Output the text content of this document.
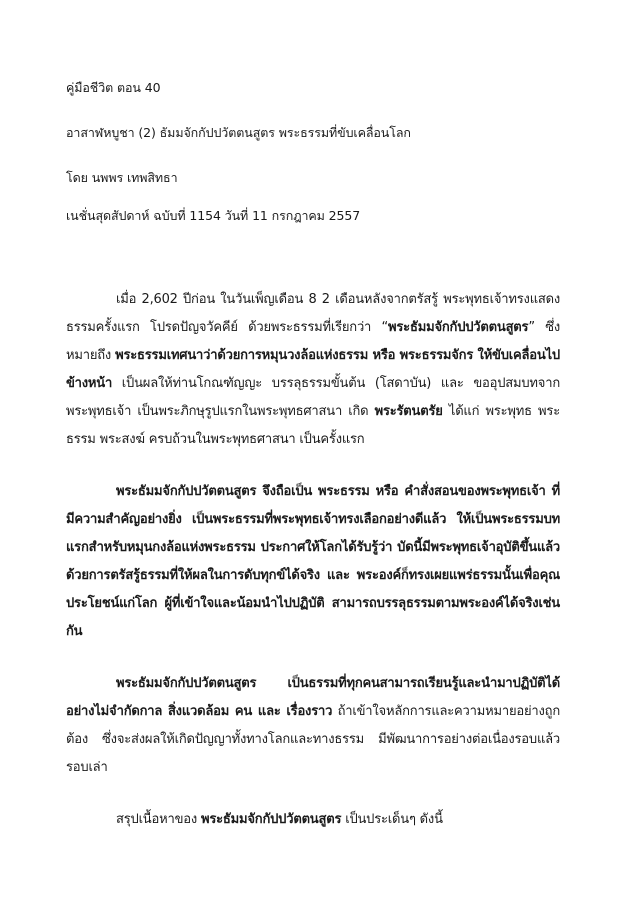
คู่มือชีวิต ตอน 40
อาสาฬหบูชา (2) ธัมมจักกัปปวัตตนสูตร พระธรรมที่ขับเคลื่อนโลก
โดย นพพร เทพสิทธา
เนชั่นสุดสัปดาห์ ฉบับที่ 1154 วันที่ 11 กรกฎาคม 2557

เมื่อ 2,602 ปีก่อน ในวันเพ็ญเดือน 8 2 เดือนหลังจากตรัสรู้ พระพุทธเจ้าทรงแสดงธรรมครั้งแรก โปรดปัญจวัคคีย์ ด้วยพระธรรมที่เรียกว่า “พระธัมมจักกัปปวัตตนสูตร” ซึ่งหมายถึง พระธรรมเทศนาว่าด้วยการหมุนวงล้อแห่งธรรม หรือ พระธรรมจักร ให้ขับเคลื่อนไปข้างหน้า เป็นผลให้ท่านโกณฑัญญะ บรรลุธรรมขั้นต้น (โสดาบัน) และ ขออุปสมบทจากพระพุทธเจ้า เป็นพระภิกษุรูปแรกในพระพุทธศาสนา เกิด พระรัตนตรัย ได้แก่ พระพุทธ พระธรรม พระสงฆ์ ครบถ้วนในพระพุทธศาสนา เป็นครั้งแรก

พระธัมมจักกัปปวัตตนสูตร จึงถือเป็น พระธรรม หรือ คำสั่งสอนของพระพุทธเจ้า ที่มีความสำคัญอย่างยิ่ง เป็นพระธรรมที่พระพุทธเจ้าทรงเลือกอย่างดีแล้ว ให้เป็นพระธรรมบทแรกสำหรับหมุนกงล้อแห่งพระธรรม ประกาศให้โลกได้รับรู้ว่า บัดนี้มีพระพุทธเจ้าอุบัติขึ้นแล้ว ด้วยการตรัสรู้ธรรมที่ให้ผลในการดับทุกข์ได้จริง และ พระองค์ก็ทรงเผยแพร่ธรรมนั้นเพื่อคุณประโยชน์แก่โลก ผู้ที่เข้าใจและน้อมนำไปปฏิบัติ สามารถบรรลุธรรมตามพระองค์ได้จริงเช่นกัน

พระธัมมจักกัปปวัตตนสูตร เป็นธรรมที่ทุกคนสามารถเรียนรู้และนำมาปฏิบัติได้อย่างไม่จำกัดกาล สิ่งแวดล้อม คน และ เรื่องราว ถ้าเข้าใจหลักการและความหมายอย่างถูกต้อง ซึ่งจะส่งผลให้เกิดปัญญาทั้งทางโลกและทางธรรม มีพัฒนาการอย่างต่อเนื่องรอบแล้วรอบเล่า

สรุปเนื้อหาของ พระธัมมจักกัปปวัตตนสูตร เป็นประเด็นๆ ดังนี้
